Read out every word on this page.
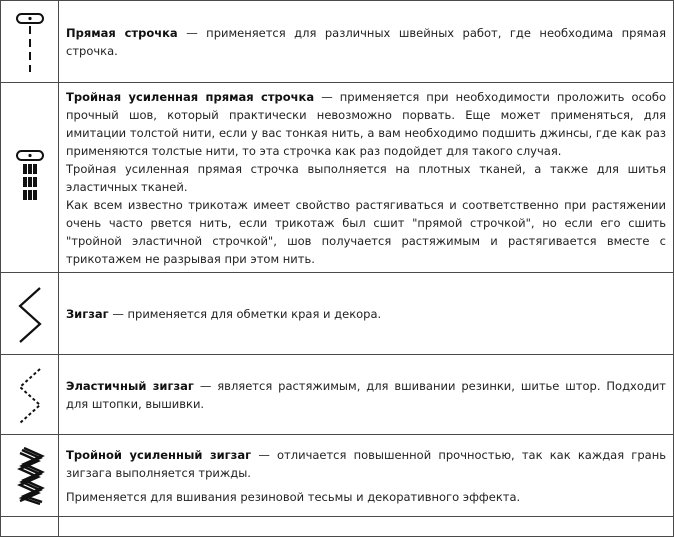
Прямая строчка — применяется для различных швейных работ, где необходима прямая строчка.

Тройная усиленная прямая строчка — применяется при необходимости проложить особо прочный шов, который практически невозможно порвать. Еще может применяться, для имитации толстой нити, если у вас тонкая нить, а вам необходимо подшить джинсы, где как раз применяются толстые нити, то эта строчка как раз подойдет для такого случая.

Тройная усиленная прямая строчка выполняется на плотных тканей, а также для шитья эластичных тканей.

Как всем известно трикотаж имеет свойство растягиваться и соответственно при растяжении очень часто рвется нить, если трикотаж был сшит "прямой строчкой", но если его сшить "тройной эластичной строчкой", шов получается растяжимым и растягивается вместе с трикотажем не разрывая при этом нить.

Зигзаг — применяется для обметки края и декора.

Эластичный зигзаг — является растяжимым, для вшивании резинки, шитье штор. Подходит для штопки, вышивки.

Тройной усиленный зигзаг — отличается повышенной прочностью, так как каждая грань зигзага выполняется трижды.

Применяется для вшивания резиновой тесьмы и декоративного эффекта.
